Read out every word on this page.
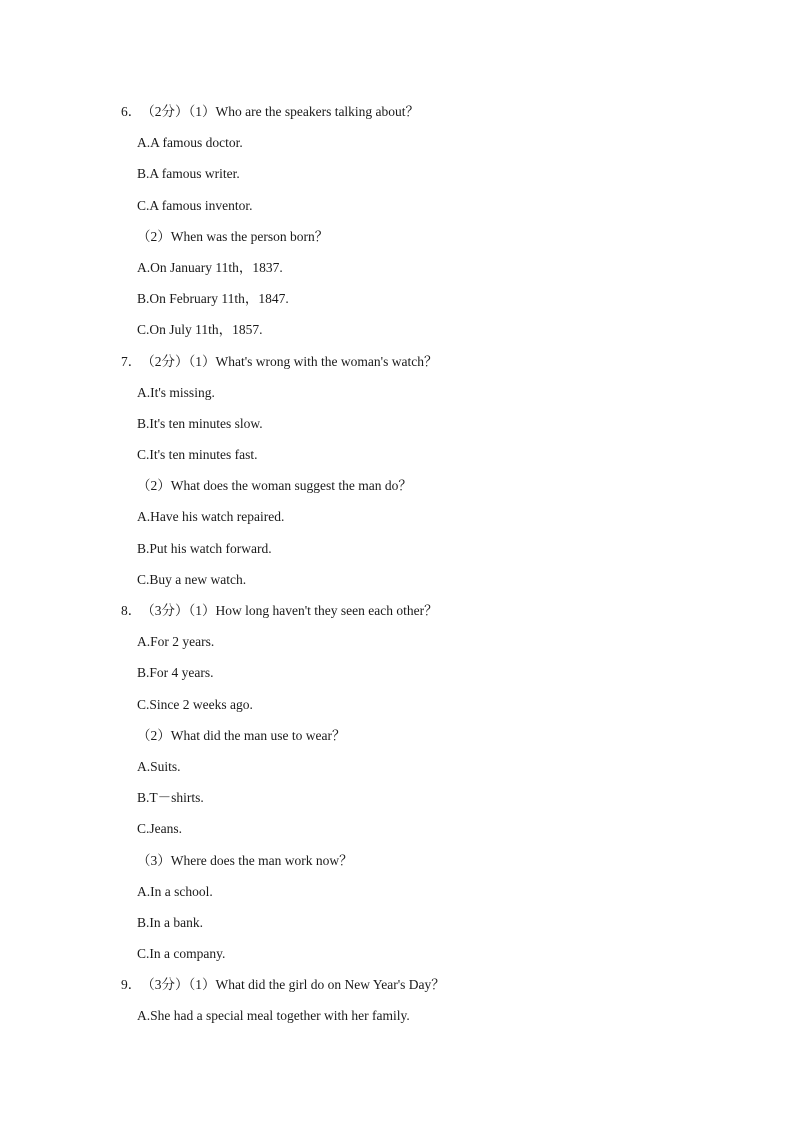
6．（2分）（1）Who are the speakers talking about？
A.A famous doctor.
B.A famous writer.
C.A famous inventor.
（2）When was the person born？
A.On January 11th，1837.
B.On February 11th，1847.
C.On July 11th，1857.
7．（2分）（1）What's wrong with the woman's watch？
A.It's missing.
B.It's ten minutes slow.
C.It's ten minutes fast.
（2）What does the woman suggest the man do？
A.Have his watch repaired.
B.Put his watch forward.
C.Buy a new watch.
8．（3分）（1）How long haven't they seen each other？
A.For 2 years.
B.For 4 years.
C.Since 2 weeks ago.
（2）What did the man use to wear？
A.Suits.
B.T－shirts.
C.Jeans.
（3）Where does the man work now？
A.In a school.
B.In a bank.
C.In a company.
9．（3分）（1）What did the girl do on New Year's Day？
A.She had a special meal together with her family.
